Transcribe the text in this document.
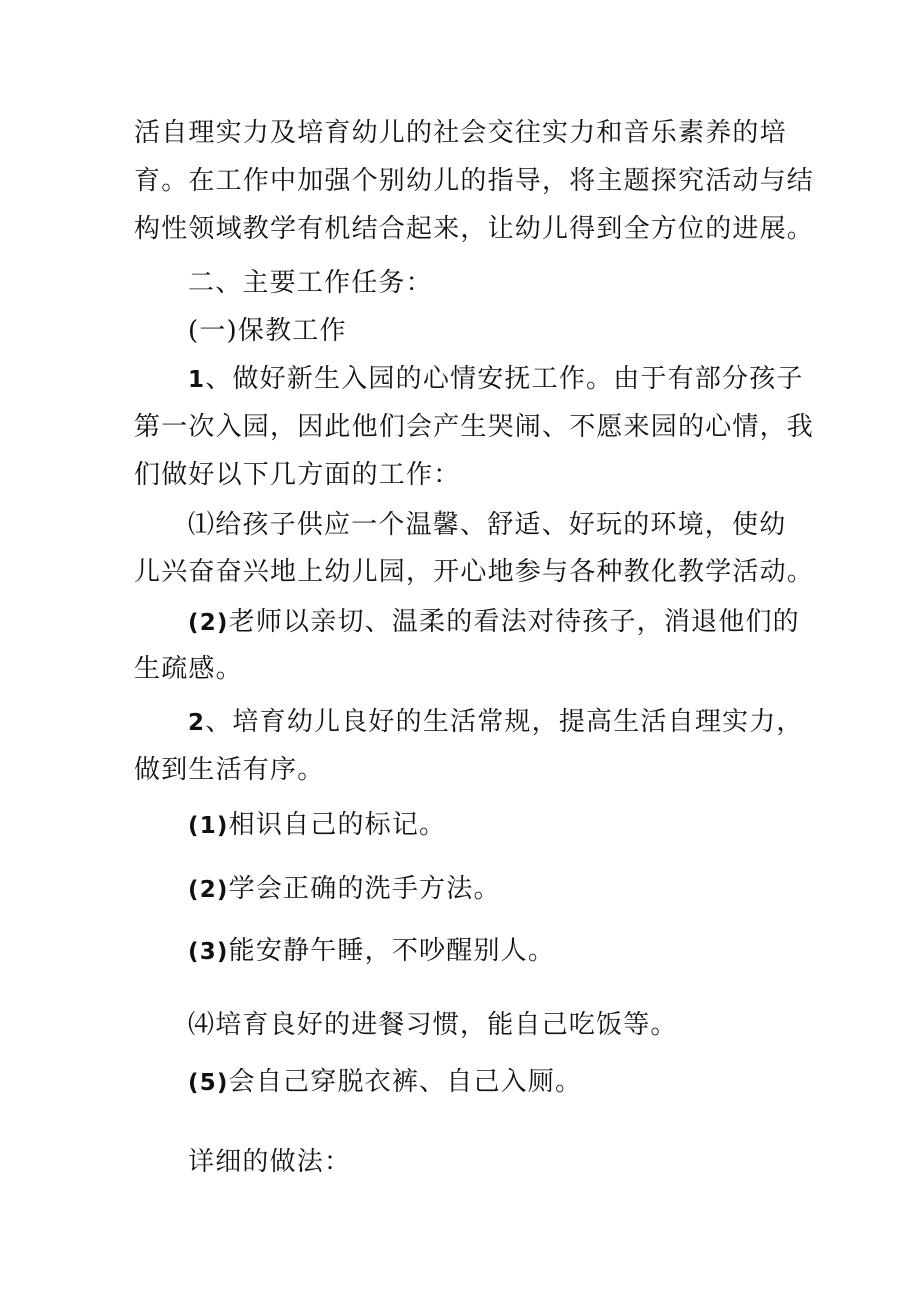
活自理实力及培育幼儿的社会交往实力和音乐素养的培
育。在工作中加强个别幼儿的指导，将主题探究活动与结
构性领域教学有机结合起来，让幼儿得到全方位的进展。
二、主要工作任务：
(一)保教工作
1、做好新生入园的心情安抚工作。由于有部分孩子
第一次入园，因此他们会产生哭闹、不愿来园的心情，我
们做好以下几方面的工作：
⑴给孩子供应一个温馨、舒适、好玩的环境，使幼
儿兴奋奋兴地上幼儿园，开心地参与各种教化教学活动。
(2)老师以亲切、温柔的看法对待孩子，消退他们的
生疏感。
2、培育幼儿良好的生活常规，提高生活自理实力，
做到生活有序。
(1)相识自己的标记。
(2)学会正确的洗手方法。
(3)能安静午睡，不吵醒别人。
⑷培育良好的进餐习惯，能自己吃饭等。
(5)会自己穿脱衣裤、自己入厕。
详细的做法：
